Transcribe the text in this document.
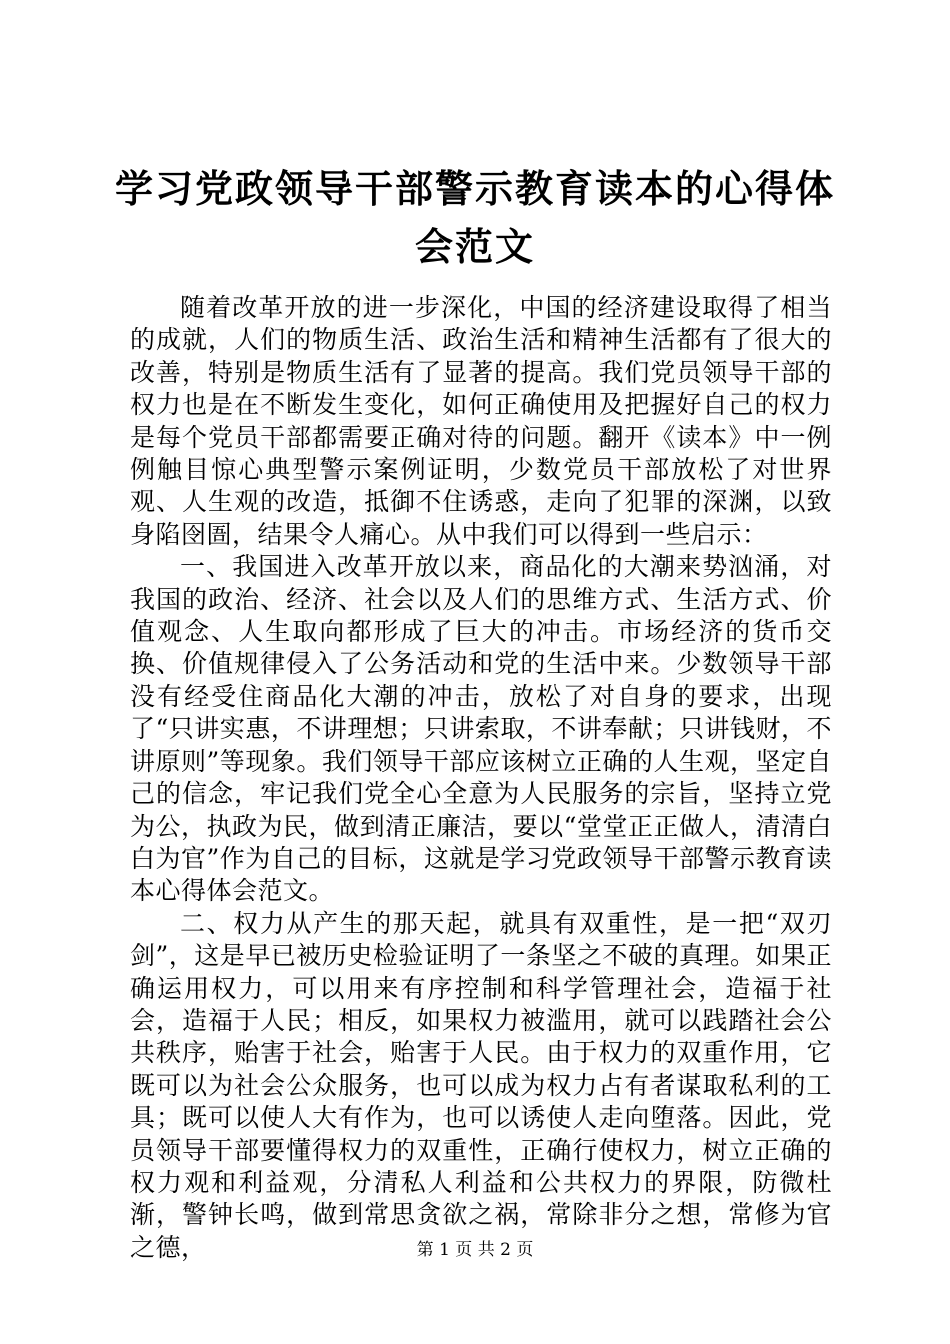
学习党政领导干部警示教育读本的心得体会范文

随着改革开放的进一步深化，中国的经济建设取得了相当的成就，人们的物质生活、政治生活和精神生活都有了很大的改善，特别是物质生活有了显著的提高。我们党员领导干部的权力也是在不断发生变化，如何正确使用及把握好自己的权力是每个党员干部都需要正确对待的问题。翻开《读本》中一例例触目惊心典型警示案例证明，少数党员干部放松了对世界观、人生观的改造，抵御不住诱惑，走向了犯罪的深渊，以致身陷囹圄，结果令人痛心。从中我们可以得到一些启示：

一、我国进入改革开放以来，商品化的大潮来势汹涌，对我国的政治、经济、社会以及人们的思维方式、生活方式、价值观念、人生取向都形成了巨大的冲击。市场经济的货币交换、价值规律侵入了公务活动和党的生活中来。少数领导干部没有经受住商品化大潮的冲击，放松了对自身的要求，出现了“只讲实惠，不讲理想；只讲索取，不讲奉献；只讲钱财，不讲原则”等现象。我们领导干部应该树立正确的人生观，坚定自己的信念，牢记我们党全心全意为人民服务的宗旨，坚持立党为公，执政为民，做到清正廉洁，要以“堂堂正正做人，清清白白为官”作为自己的目标，这就是学习党政领导干部警示教育读本心得体会范文。

二、权力从产生的那天起，就具有双重性，是一把“双刃剑”，这是早已被历史检验证明了一条坚之不破的真理。如果正确运用权力，可以用来有序控制和科学管理社会，造福于社会，造福于人民；相反，如果权力被滥用，就可以践踏社会公共秩序，贻害于社会，贻害于人民。由于权力的双重作用，它既可以为社会公众服务，也可以成为权力占有者谋取私利的工具；既可以使人大有作为，也可以诱使人走向堕落。因此，党员领导干部要懂得权力的双重性，正确行使权力，树立正确的权力观和利益观，分清私人利益和公共权力的界限，防微杜渐，警钟长鸣，做到常思贪欲之祸，常除非分之想，常修为官之德，	第 1 页 共 2 页
